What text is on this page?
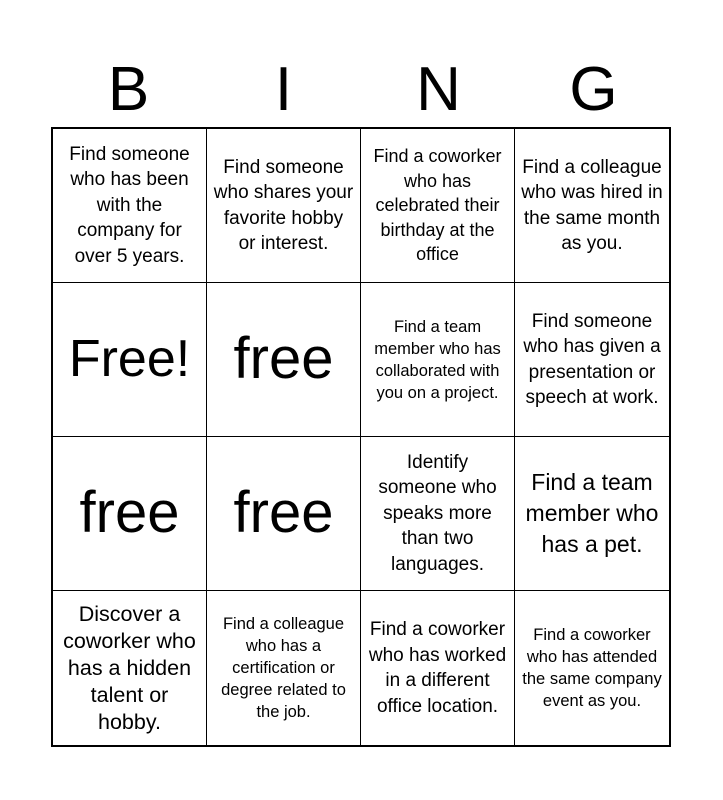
B	I	N	G
Find someone who has been with the company for over 5 years.
Find someone who shares your favorite hobby or interest.
Find a coworker who has celebrated their birthday at the office
Find a colleague who was hired in the same month as you.
Free! free	Find a team member who has collaborated with you on a project.
Find someone who has given a presentation or speech at work.
free free
Identify someone who speaks more than two languages.
Find a team member who has a pet.
Discover a coworker who has a hidden talent or hobby.
Find a colleague who has a certification or degree related to the job.
Find a coworker who has worked in a different office location.
Find a coworker who has attended the same company event as you.
